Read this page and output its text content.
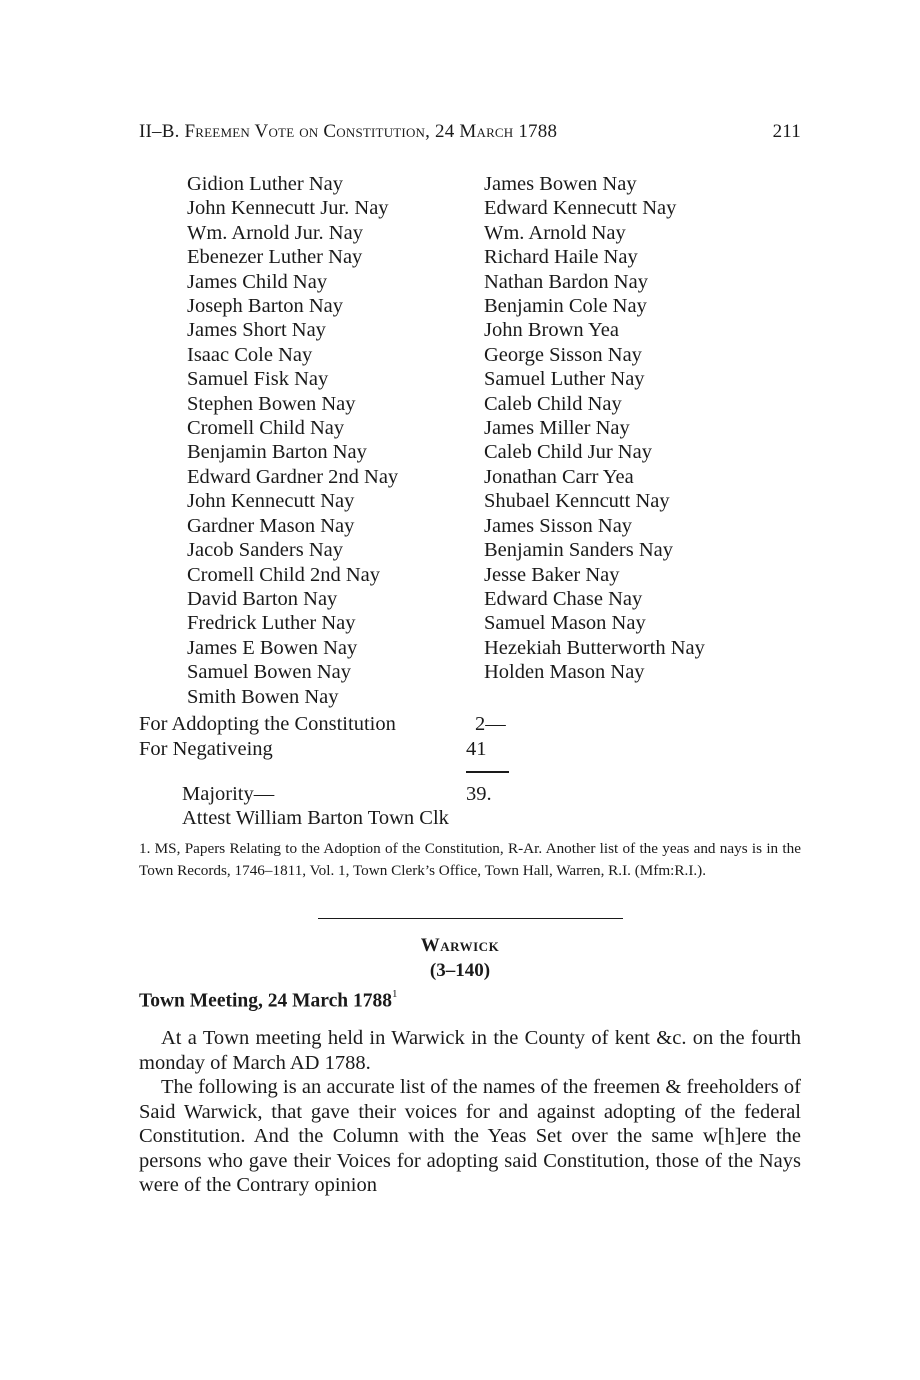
II–B. Freemen Vote on Constitution, 24 March 1788	211
Gidion Luther Nay
John Kennecutt Jur. Nay
Wm. Arnold Jur. Nay
Ebenezer Luther Nay
James Child Nay
Joseph Barton Nay
James Short Nay
Isaac Cole Nay
Samuel Fisk Nay
Stephen Bowen Nay
Cromell Child Nay
Benjamin Barton Nay
Edward Gardner 2nd Nay
John Kennecutt Nay
Gardner Mason Nay
Jacob Sanders Nay
Cromell Child 2nd Nay
David Barton Nay
Fredrick Luther Nay
James E Bowen Nay
Samuel Bowen Nay
Smith Bowen Nay
James Bowen Nay
Edward Kennecutt Nay
Wm. Arnold Nay
Richard Haile Nay
Nathan Bardon Nay
Benjamin Cole Nay
John Brown Yea
George Sisson Nay
Samuel Luther Nay
Caleb Child Nay
James Miller Nay
Caleb Child Jur Nay
Jonathan Carr Yea
Shubael Kenncutt Nay
James Sisson Nay
Benjamin Sanders Nay
Jesse Baker Nay
Edward Chase Nay
Samuel Mason Nay
Hezekiah Butterworth Nay
Holden Mason Nay
For Addopting the Constitution	2—
For Negativeing	41
Majority—	39.
Attest William Barton Town Clk
1. MS, Papers Relating to the Adoption of the Constitution, R-Ar. Another list of the yeas and nays is in the Town Records, 1746–1811, Vol. 1, Town Clerk’s Office, Town Hall, Warren, R.I. (Mfm:R.I.).
Warwick
(3–140)
Town Meeting, 24 March 1788$^1$

At a Town meeting held in Warwick in the County of kent &c. on the fourth monday of March AD 1788.

The following is an accurate list of the names of the freemen & freeholders of Said Warwick, that gave their voices for and against adopting of the federal Constitution. And the Column with the Yeas Set over the same w[h]ere the persons who gave their Voices for adopting said Constitution, those of the Nays were of the Contrary opinion
